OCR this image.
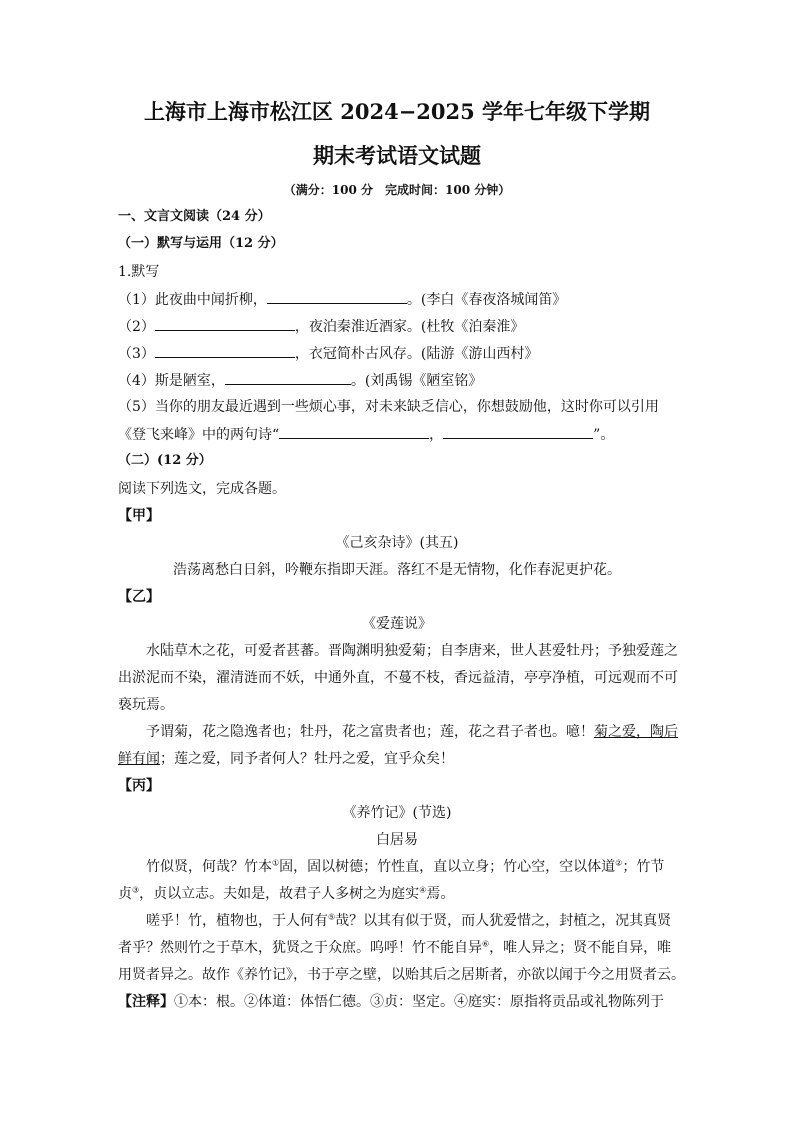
上海市上海市松江区 2024−2025 学年七年级下学期
期末考试语文试题
（满分：100 分　完成时间：100 分钟）
一、文言文阅读（24 分）
（一）默写与运用（12 分）
1.默写
（1）此夜曲中闻折柳，	。(李白《春夜洛城闻笛》
（2）	，夜泊秦淮近酒家。(杜牧《泊秦淮》
（3）	，衣冠简朴古风存。(陆游《游山西村》
（4）斯是陋室，	。(刘禹锡《陋室铭》
（5）当你的朋友最近遇到一些烦心事，对未来缺乏信心，你想鼓励他，这时你可以引用
《登飞来峰》中的两句诗“	，	”。
（二）(12 分）
阅读下列选文，完成各题。
【甲】
《己亥杂诗》(其五)
浩荡离愁白日斜，吟鞭东指即天涯。落红不是无情物，化作春泥更护花。
【乙】
《爱莲说》
水陆草木之花，可爱者甚蕃。晋陶渊明独爱菊；自李唐来，世人甚爱牡丹；予独爱莲之
出淤泥而不染，濯清涟而不妖，中通外直，不蔓不枝，香远益清，亭亭净植，可远观而不可
亵玩焉。
予谓菊，花之隐逸者也；牡丹，花之富贵者也；莲，花之君子者也。噫！菊之爱，陶后
鲜有闻；莲之爱，同予者何人？牡丹之爱，宜乎众矣！
【丙】
《养竹记》(节选)
白居易
竹似贤，何哉？竹本①固，固以树德；竹性直，直以立身；竹心空，空以体道②；竹节
贞③，贞以立志。夫如是，故君子人多树之为庭实④焉。
嗟乎！竹，植物也，于人何有⑤哉？以其有似于贤，而人犹爱惜之，封植之，况其真贤
者乎？然则竹之于草木，犹贤之于众庶。呜呼！竹不能自异⑥，唯人异之；贤不能自异，唯
用贤者异之。故作《养竹记》，书于亭之壁，以贻其后之居斯者，亦欲以闻于今之用贤者云。
【注释】①本：根。②体道：体悟仁德。③贞：坚定。④庭实：原指将贡品或礼物陈列于
